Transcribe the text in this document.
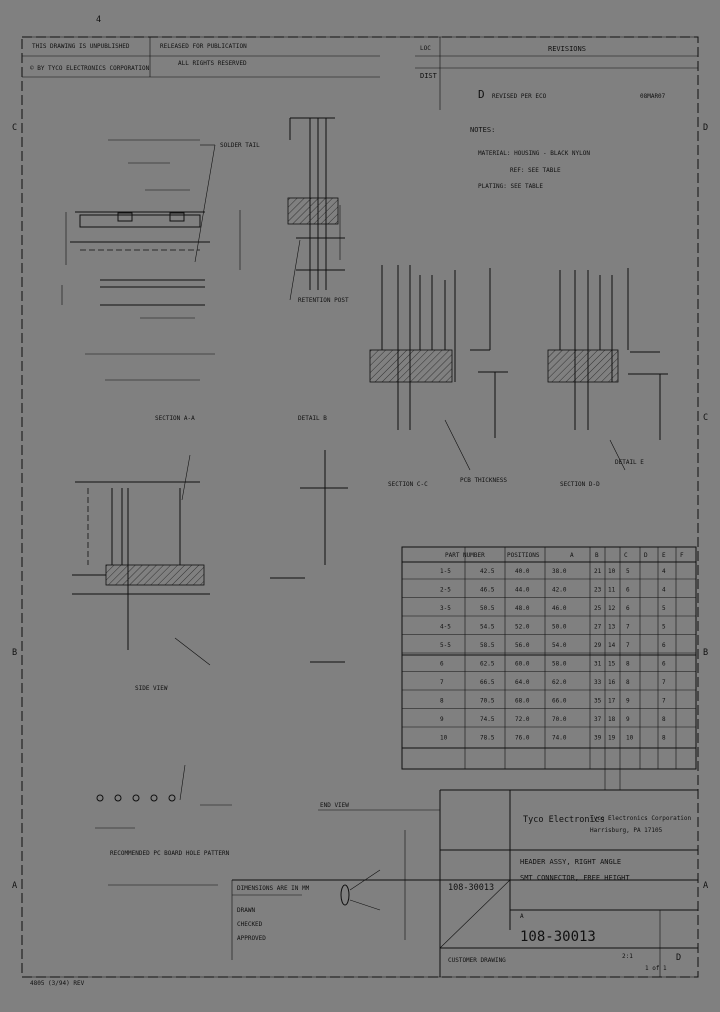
4
C
B
A
D
C
B
A
THIS DRAWING IS UNPUBLISHED	RELEASED FOR PUBLICATION
© BY TYCO ELECTRONICS CORPORATION
ALL RIGHTS RESERVED
LOC
DIST
REVISIONS
D REVISED PER ECO	08MAR07
NOTES:
MATERIAL: HOUSING - BLACK NYLON
REF: SEE TABLE
PLATING: SEE TABLE
SOLDER TAIL
RETENTION POST
DETAIL B
SECTION A-A
SECTION C-C
PCB THICKNESS
SECTION D-D
DETAIL E
SIDE VIEW
RECOMMENDED PC BOARD HOLE PATTERN
END VIEW
PART NUMBER	POSITIONS	A	B	C	D E F
1-5	42.5	40.0	38.0	21 10 5	4
2-5	46.5	44.0	42.0	23 11 6	4
3-5	50.5	48.0	46.0	25 12 6	5
4-5	54.5	52.0	50.0	27 13 7	5
5-5	58.5	56.0	54.0	29 14 7	6
6	62.5	60.0	58.0	31 15 8	6
7	66.5	64.0	62.0	33 16 8	7
8	70.5	68.0	66.0	35 17 9	7
9	74.5	72.0	70.0	37 18 9	8
10	78.5	76.0	74.0	39 19 10	8
Tyco Electronics
Tyco Electronics Corporation
Harrisburg, PA 17105
HEADER ASSY, RIGHT ANGLE
SMT CONNECTOR, FREE HEIGHT
108-30013
108-30013
A
2:1
1 of 1
D
CUSTOMER DRAWING
DIMENSIONS ARE IN MM
DRAWN
CHECKED
APPROVED
4805 (3/94) REV
